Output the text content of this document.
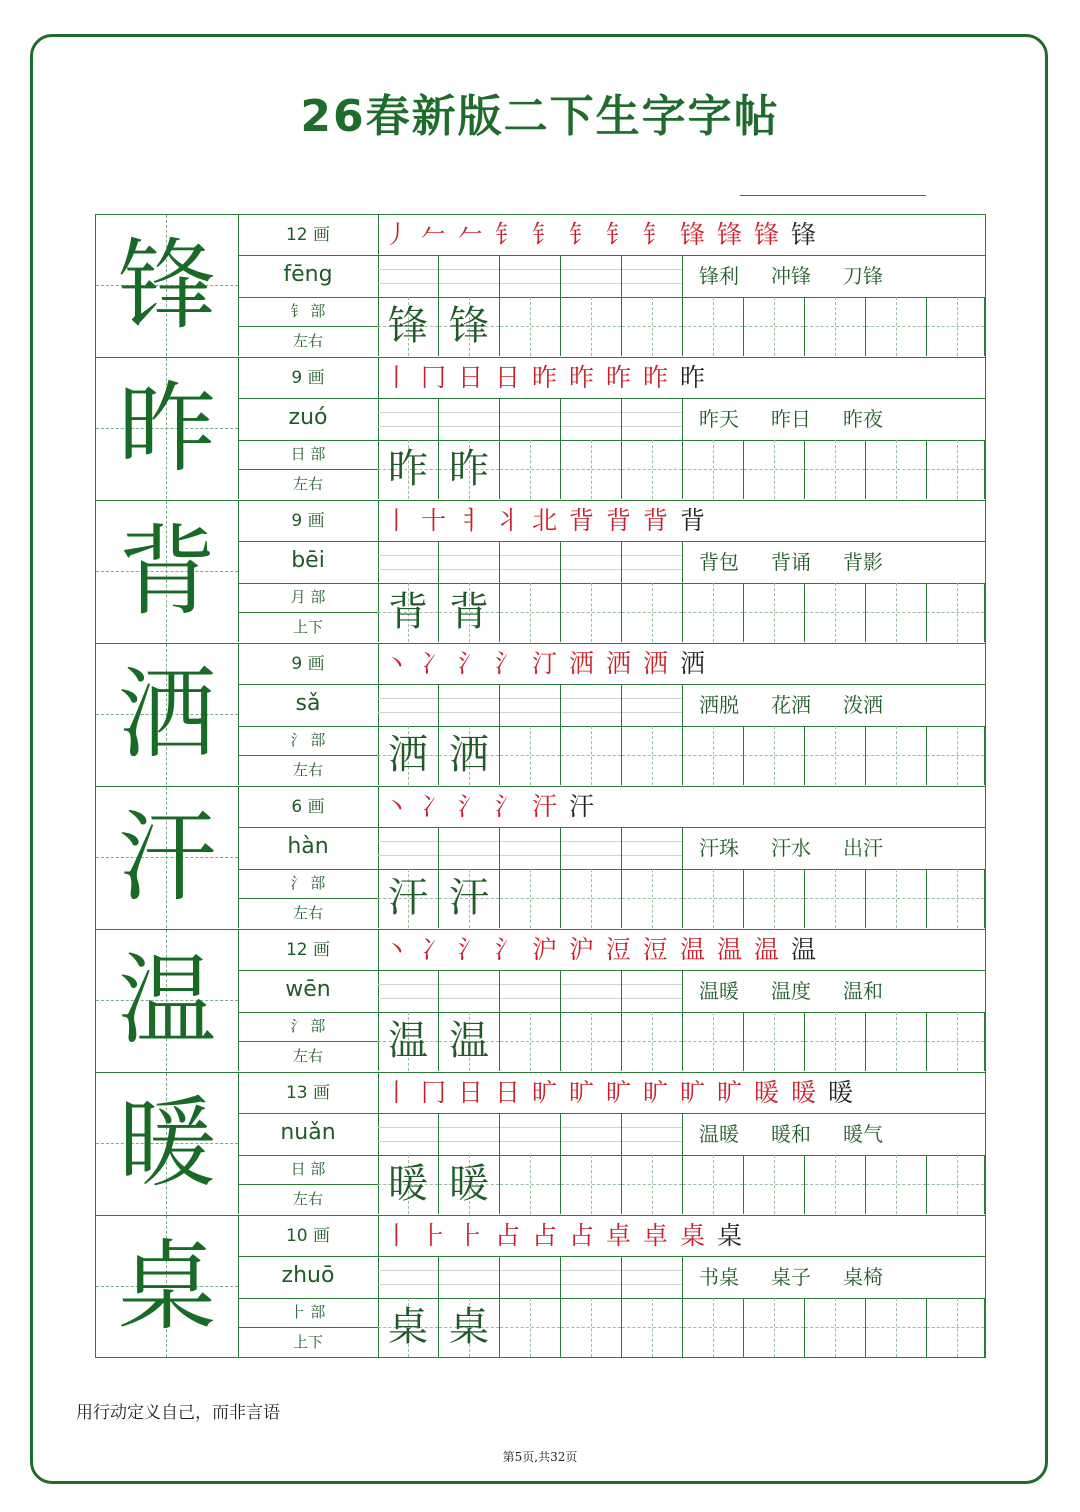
26春新版二下生字字帖
锋	12 画
fēng
钅 部
左右
丿 𠂉 𠂉 钅 钅 钅 钅 钅 锋 锋 锋 锋
锋利 冲锋 刀锋
锋 锋
昨	9 画
zuó
日 部
左右
丨 冂 日 日 昨 昨 昨 昨 昨
昨天 昨日 昨夜
昨 昨
背	9 画
bēi
月 部
上下
丨 十 ㅕ 丬 北 背 背 背 背
背包 背诵 背影
背 背
洒	9 画
sǎ
氵 部
左右
丶 冫 氵 氵 汀 洒 洒 洒 洒
洒脱 花洒 泼洒
洒 洒
汗	6 画
hàn
氵 部
左右
丶 冫 氵 氵 汗 汗
汗珠 汗水 出汗
汗 汗
温	12 画
wēn
氵 部
左右
丶 冫 氵 氵 沪 沪 浢 浢 温 温 温 温
温暖 温度 温和
温 温
暖	13 画
nuǎn
日 部
左右
丨 冂 日 日 旷 旷 旷 旷 旷 旷 暖 暖 暖
温暖 暖和 暖气
暖 暖
桌	10 画
zhuō
⺊ 部
上下
丨 ⺊ ⺊ 占 占 占 卓 卓 桌 桌
书桌 桌子 桌椅
桌 桌
用行动定义自己，而非言语
第5页,共32页
